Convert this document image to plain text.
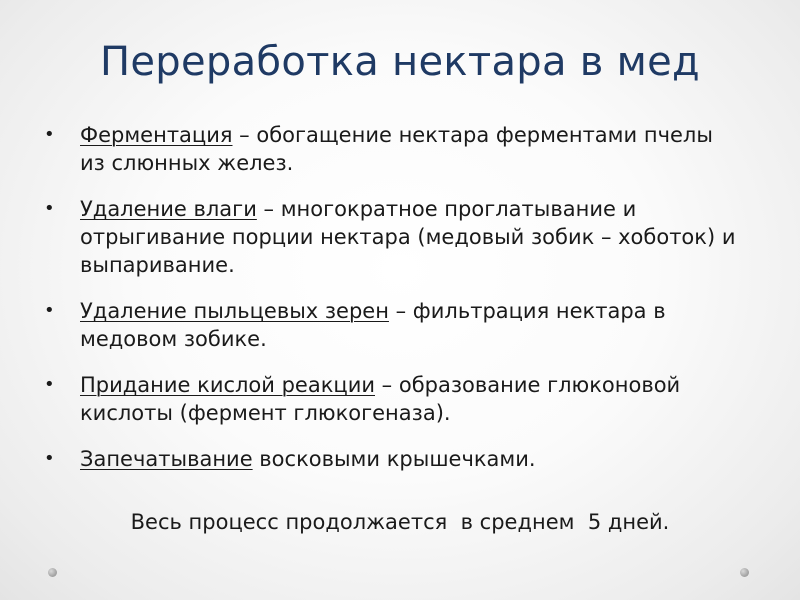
Переработка нектара в мед
• Ферментация – обогащение нектара ферментами пчелы из слюнных желез.
• Удаление влаги – многократное проглатывание и отрыгивание порции нектара (медовый зобик – хоботок) и выпаривание.
• Удаление пыльцевых зерен – фильтрация нектара в медовом зобике.
• Придание кислой реакции – образование глюконовой кислоты (фермент глюкогеназа).
• Запечатывание восковыми крышечками.
Весь процесс продолжается  в среднем  5 дней.
